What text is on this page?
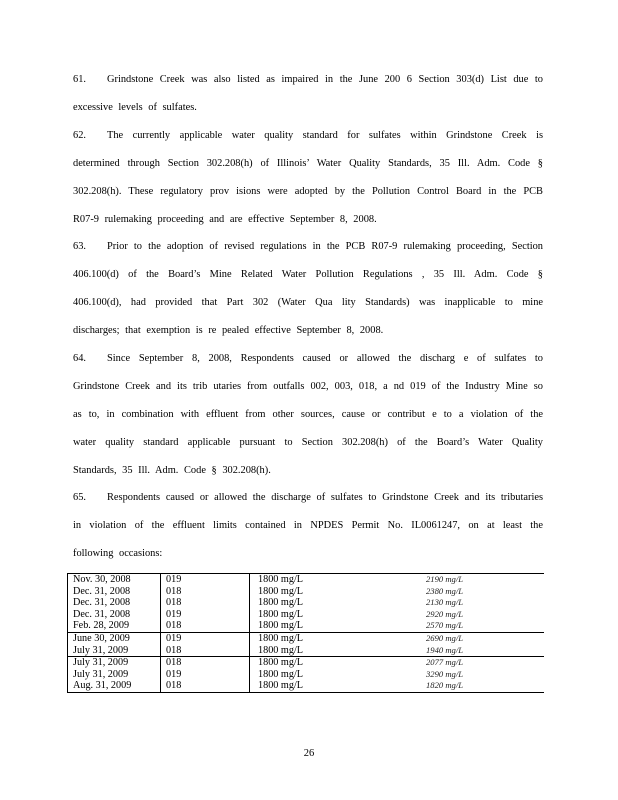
61. Grindstone Creek was also listed as impaired in the June 200 6 Section 303(d) List due to excessive levels of sulfates.

62. The currently applicable water quality standard for sulfates within Grindstone Creek is determined through Section 302.208(h) of Illinois’ Water Quality Standards, 35 Ill. Adm. Code § 302.208(h). These regulatory prov isions were adopted by the Pollution Control Board in the PCB R07-9 rulemaking proceeding and are effective September 8, 2008.

63. Prior to the adoption of revised regulations in the PCB R07-9 rulemaking proceeding, Section 406.100(d) of the Board’s Mine Related Water Pollution Regulations , 35 Ill. Adm. Code § 406.100(d), had provided that Part 302 (Water Qua lity Standards) was inapplicable to mine discharges; that exemption is re pealed effective September 8, 2008.

64. Since September 8, 2008, Respondents caused or allowed the discharg e of sulfates to Grindstone Creek and its trib utaries from outfalls 002, 003, 018, a nd 019 of the Industry Mine so as to, in combination with effluent from other sources, cause or contribut e to a violation of the water quality standard applicable pursuant to Section 302.208(h) of the Board’s Water Quality Standards, 35 Ill. Adm. Code § 302.208(h).

65. Respondents caused or allowed the discharge of sulfates to Grindstone Creek and its tributaries in violation of the effluent limits contained in NPDES Permit No. IL0061247, on at least the following occasions:

Nov. 30, 2008	019	1800 mg/L	2190 mg/L
Dec. 31, 2008	018	1800 mg/L	2380 mg/L
Dec. 31, 2008	018	1800 mg/L	2130 mg/L
Dec. 31, 2008	019	1800 mg/L	2920 mg/L
Feb. 28, 2009	018	1800 mg/L	2570 mg/L
June 30, 2009	019	1800 mg/L	2690 mg/L
July 31, 2009	018	1800 mg/L	1940 mg/L
July 31, 2009	018	1800 mg/L	2077 mg/L
July 31, 2009	019	1800 mg/L	3290 mg/L
Aug. 31, 2009	018	1800 mg/L	1820 mg/L
26
